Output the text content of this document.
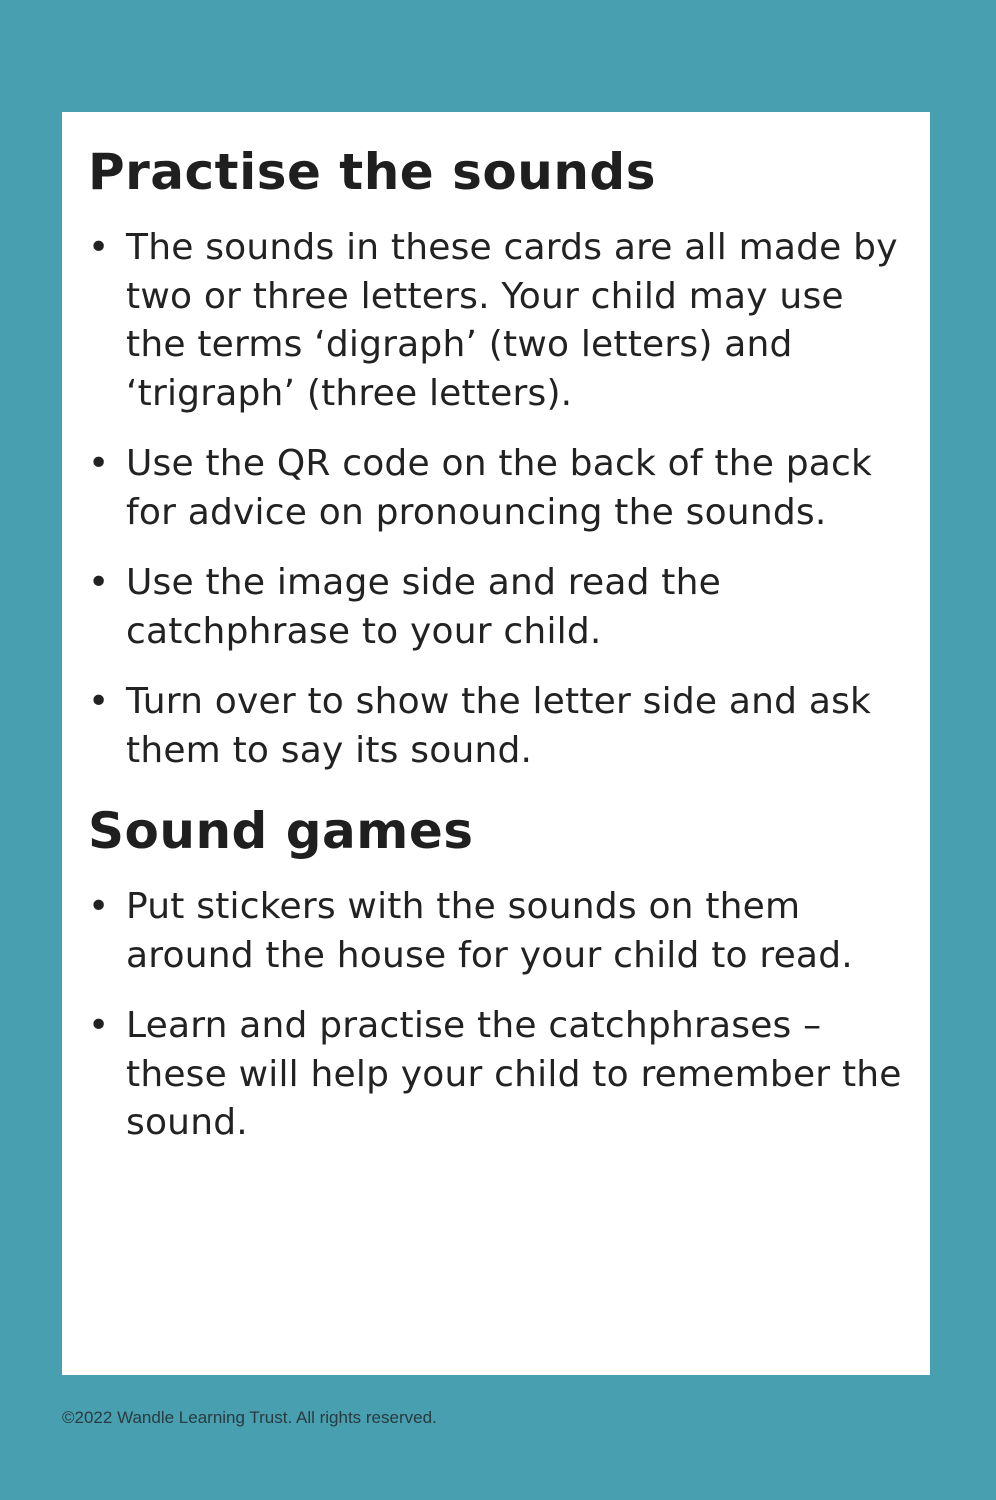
Practise the sounds
• The sounds in these cards are all made by two or three letters. Your child may use the terms ‘digraph’ (two letters) and ‘trigraph’ (three letters).
• Use the QR code on the back of the pack for advice on pronouncing the sounds.
• Use the image side and read the catchphrase to your child.
• Turn over to show the letter side and ask them to say its sound.
Sound games
• Put stickers with the sounds on them around the house for your child to read.
• Learn and practise the catchphrases – these will help your child to remember the sound.
©2022 Wandle Learning Trust. All rights reserved.
